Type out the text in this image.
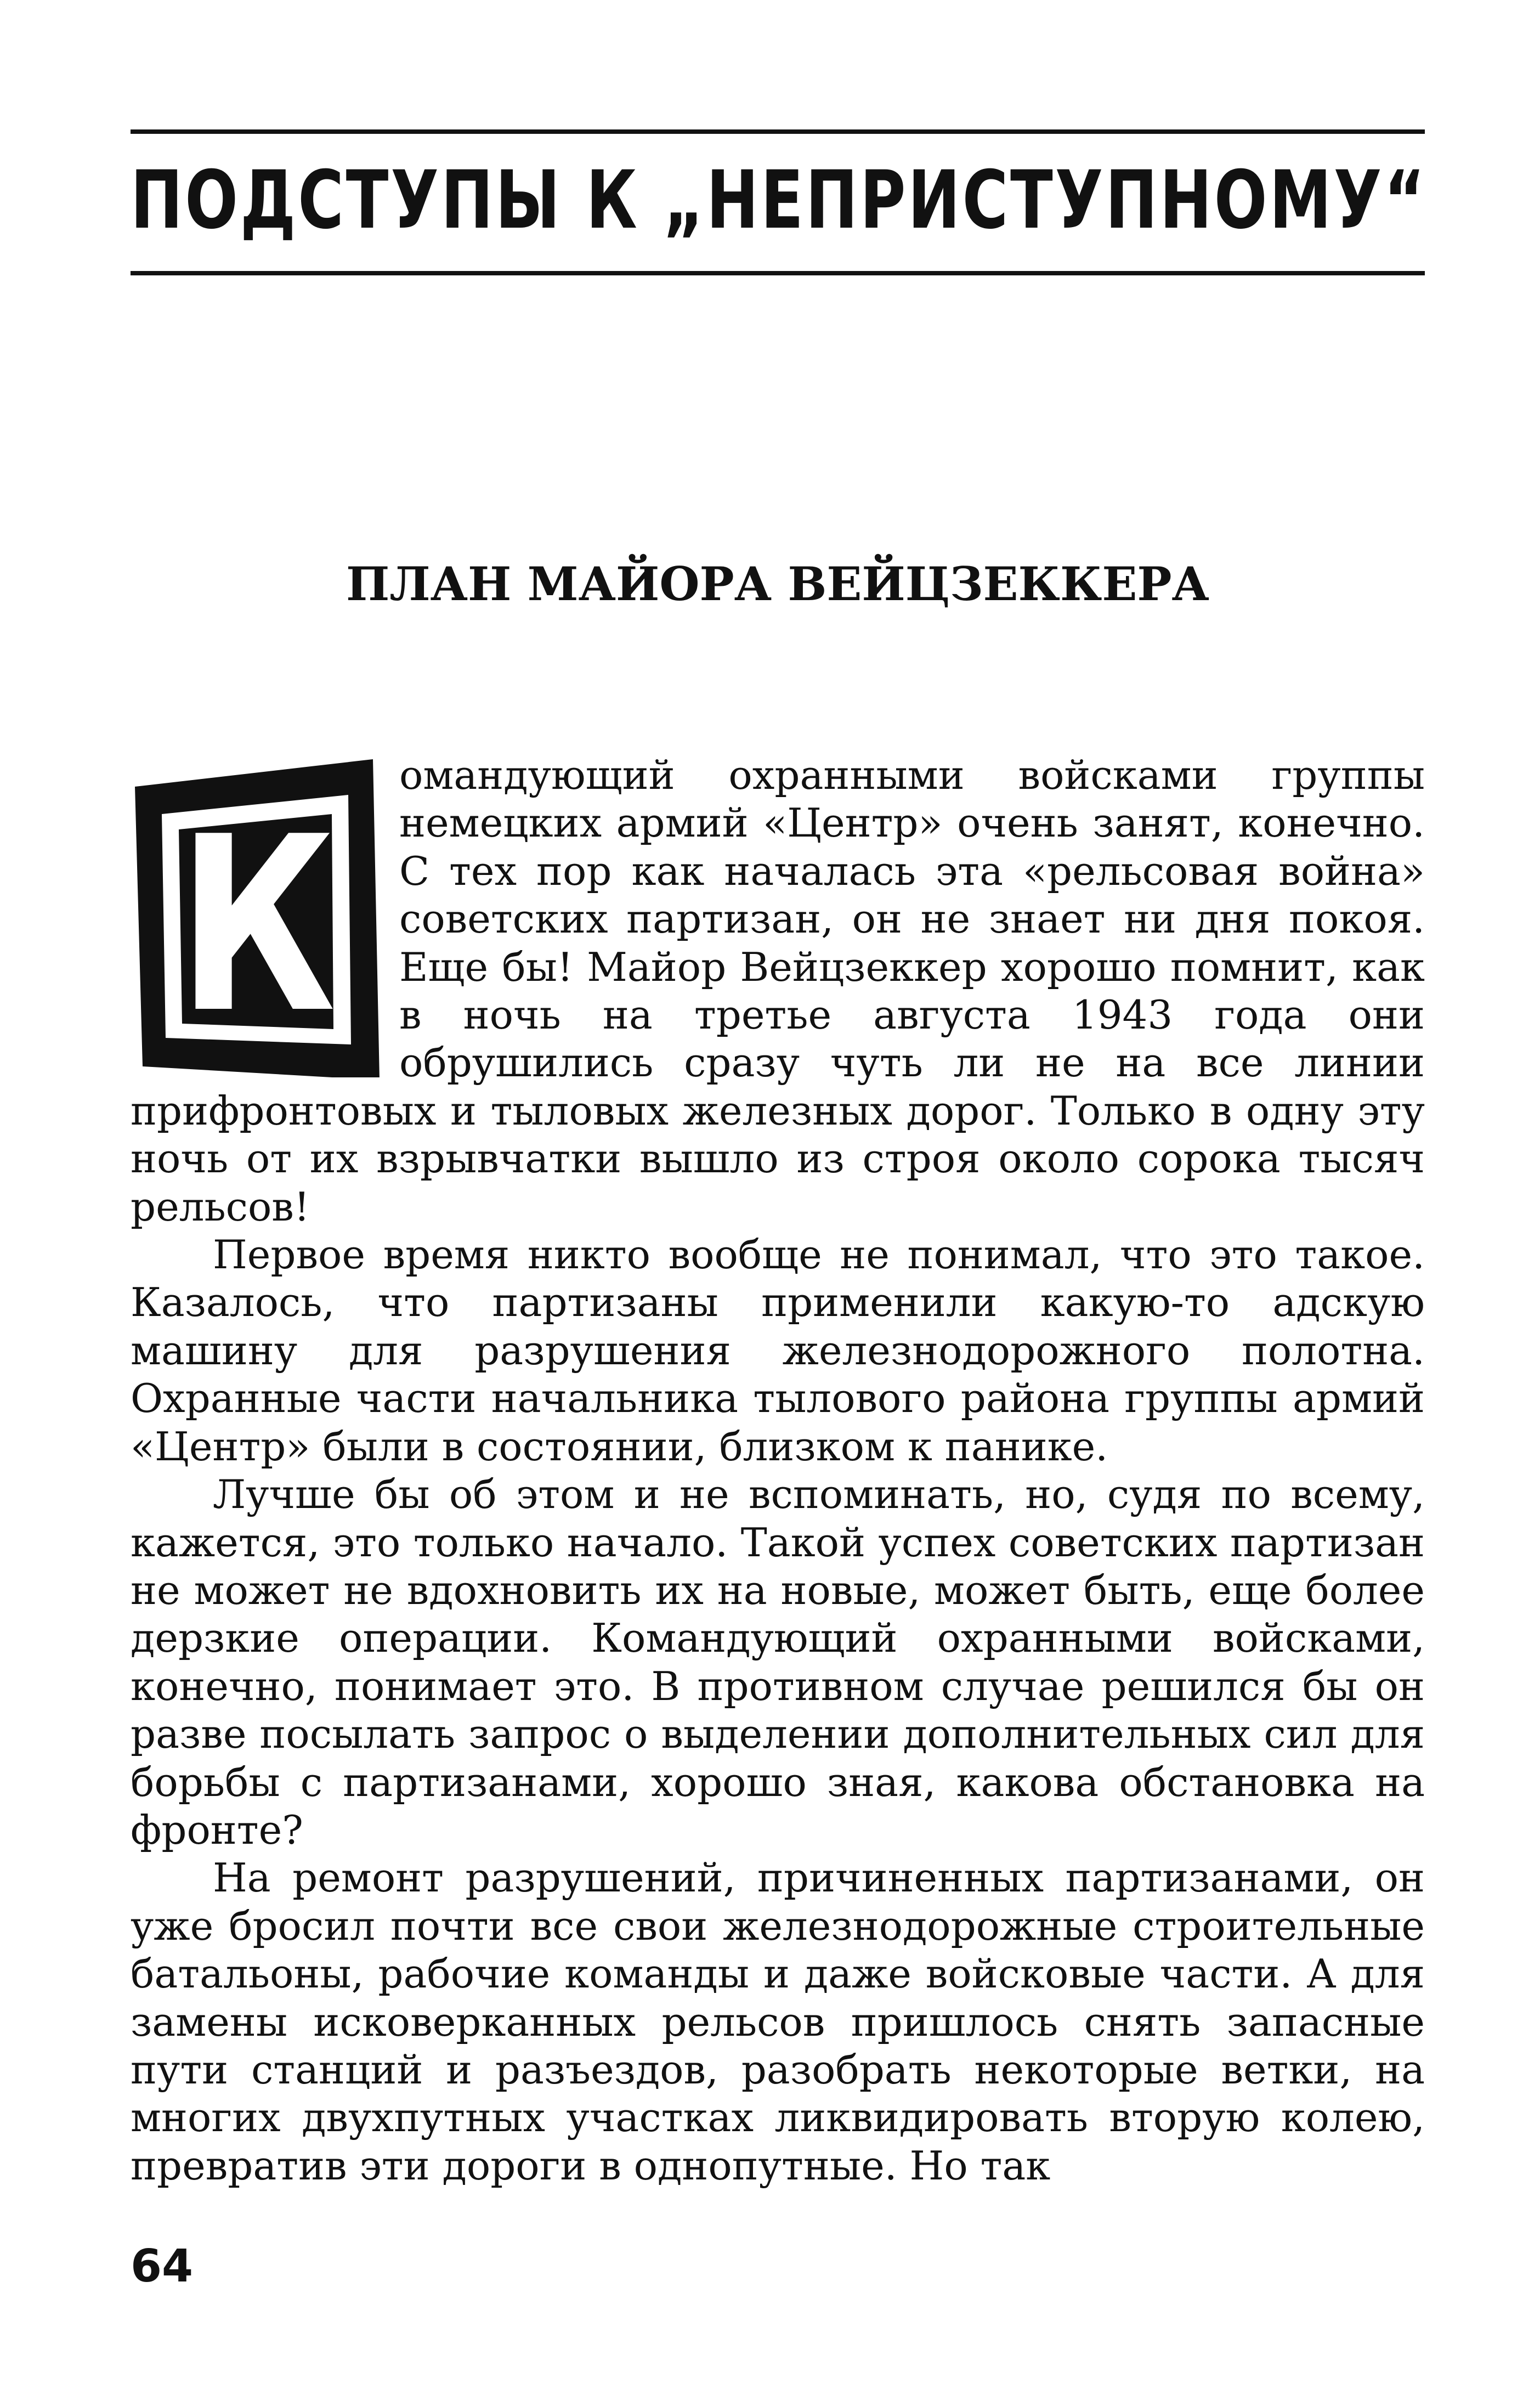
ПОДСТУПЫ К „НЕПРИСТУПНОМУ“
ПЛАН МАЙОРА ВЕЙЦЗЕККЕРА
К

омандующий охранными войсками группы немецких армий «Центр» очень занят, конечно. С тех пор как началась эта «рельсовая война» советских партизан, он не знает ни дня покоя. Еще бы! Майор Вейцзеккер хорошо помнит, как в ночь на третье августа 1943 года они обрушились сразу чуть ли не на все линии прифронтовых и тыловых железных дорог. Только в одну эту ночь от их взрывчатки вышло из строя около сорока тысяч рельсов!

Первое время никто вообще не понимал, что это такое. Казалось, что партизаны применили какую-то адскую машину для разрушения железнодорожного полотна. Охранные части начальника тылового района группы армий «Центр» были в состоянии, близком к панике.

Лучше бы об этом и не вспоминать, но, судя по всему, кажется, это только начало. Такой успех советских партизан не может не вдохновить их на новые, может быть, еще более дерзкие операции. Командующий охранными войсками, конечно, понимает это. В противном случае решился бы он разве посылать запрос о выделении дополнительных сил для борьбы с партизанами, хорошо зная, какова обстановка на фронте?

На ремонт разрушений, причиненных партизанами, он уже бросил почти все свои железнодорожные строительные батальоны, рабочие команды и даже войсковые части. А для замены исковерканных рельсов пришлось снять запасные пути станций и разъездов, разобрать некоторые ветки, на многих двухпутных участках ликвидировать вторую колею, превратив эти дороги в однопутные. Но так

64
